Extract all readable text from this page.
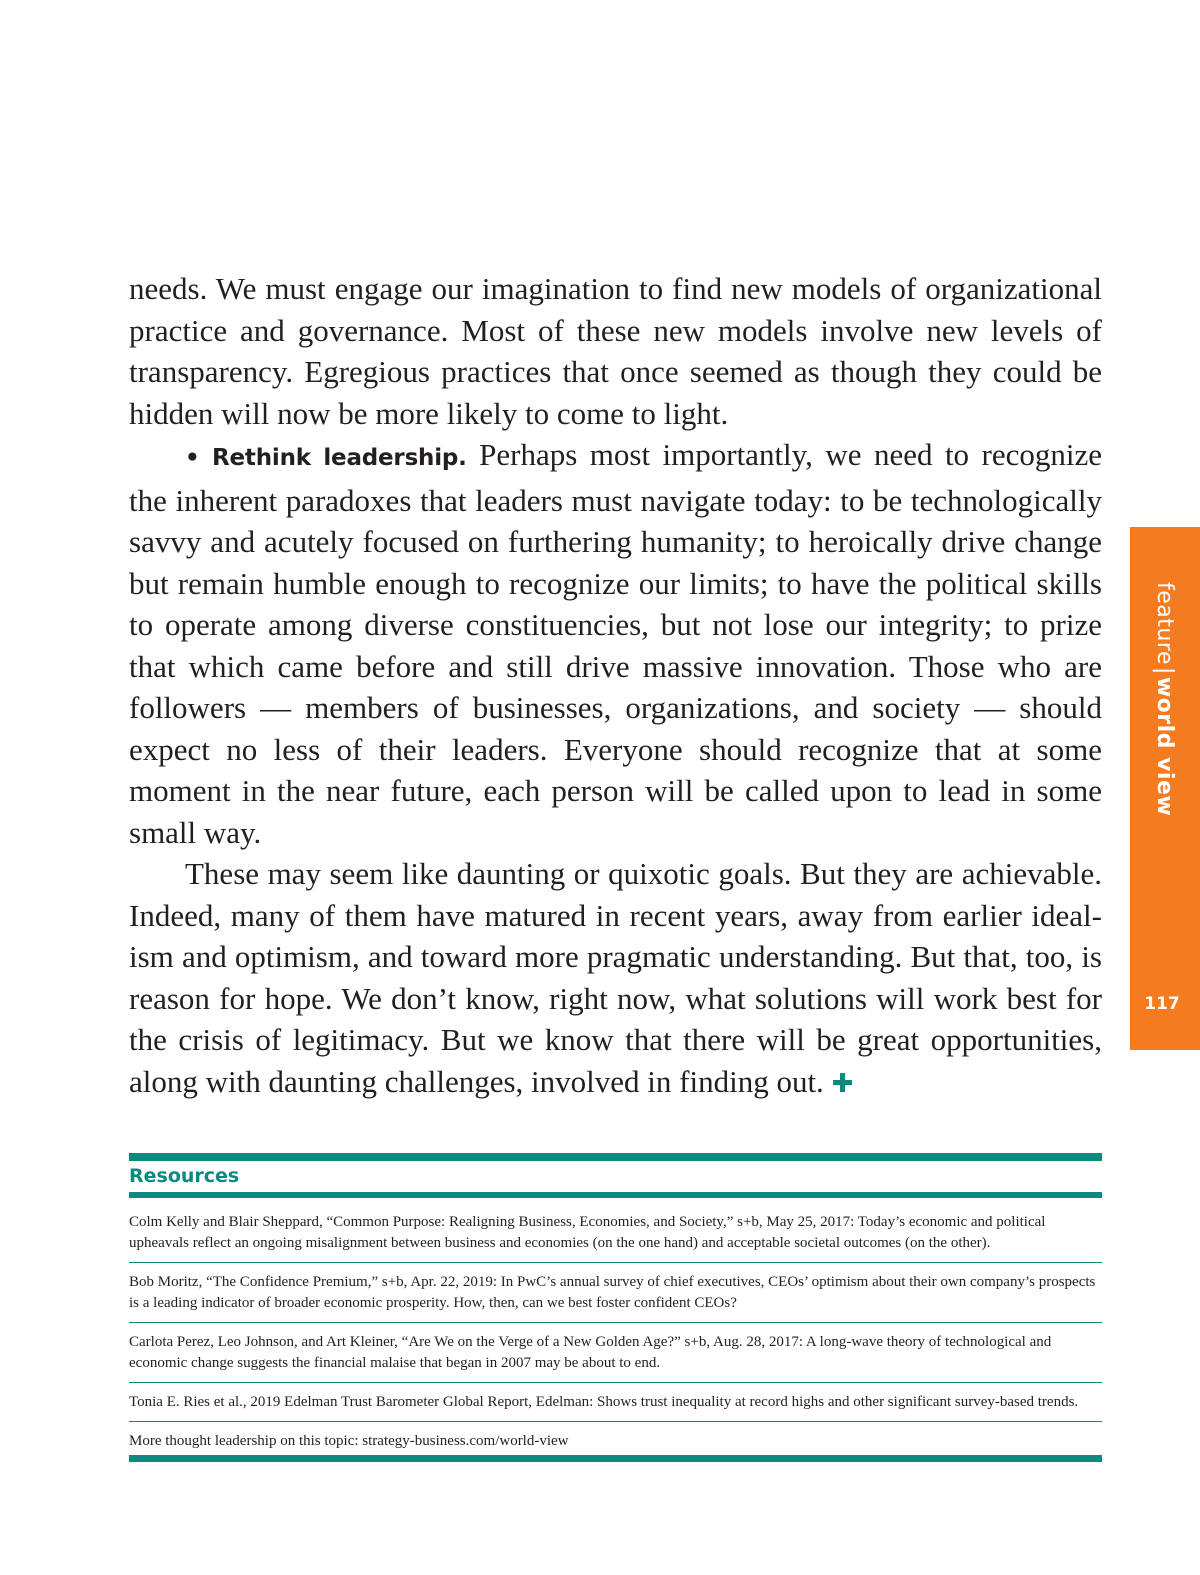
needs. We must engage our imagination to find new models of organizational practice and governance. Most of these new models involve new levels of transparency. Egregious practices that once seemed as though they could be hidden will now be more likely to come to light.

• Rethink leadership. Perhaps most importantly, we need to recognize the inherent paradoxes that leaders must navigate today: to be technologically savvy and acutely focused on furthering humanity; to heroically drive change but remain humble enough to recognize our limits; to have the political skills to operate among diverse constituencies, but not lose our integrity; to prize that which came before and still drive massive innovation. Those who are followers — members of businesses, organizations, and society — should expect no less of their leaders. Everyone should recognize that at some moment in the near future, each person will be called upon to lead in some small way.

These may seem like daunting or quixotic goals. But they are achievable. Indeed, many of them have matured in recent years, away from earlier idealism and optimism, and toward more pragmatic understanding. But that, too, is reason for hope. We don’t know, right now, what solutions will work best for the crisis of legitimacy. But we know that there will be great opportunities, along with daunting challenges, involved in finding out. ✚

feature|world view
117
Resources
Colm Kelly and Blair Sheppard, “Common Purpose: Realigning Business, Economies, and Society,” s+b, May 25, 2017: Today’s economic and political upheavals reflect an ongoing misalignment between business and economies (on the one hand) and acceptable societal outcomes (on the other).
Bob Moritz, “The Confidence Premium,” s+b, Apr. 22, 2019: In PwC’s annual survey of chief executives, CEOs’ optimism about their own company’s prospects is a leading indicator of broader economic prosperity. How, then, can we best foster confident CEOs?
Carlota Perez, Leo Johnson, and Art Kleiner, “Are We on the Verge of a New Golden Age?” s+b, Aug. 28, 2017: A long-wave theory of technological and economic change suggests the financial malaise that began in 2007 may be about to end.
Tonia E. Ries et al., 2019 Edelman Trust Barometer Global Report, Edelman: Shows trust inequality at record highs and other significant survey-based trends.
More thought leadership on this topic: strategy-business.com/world-view
